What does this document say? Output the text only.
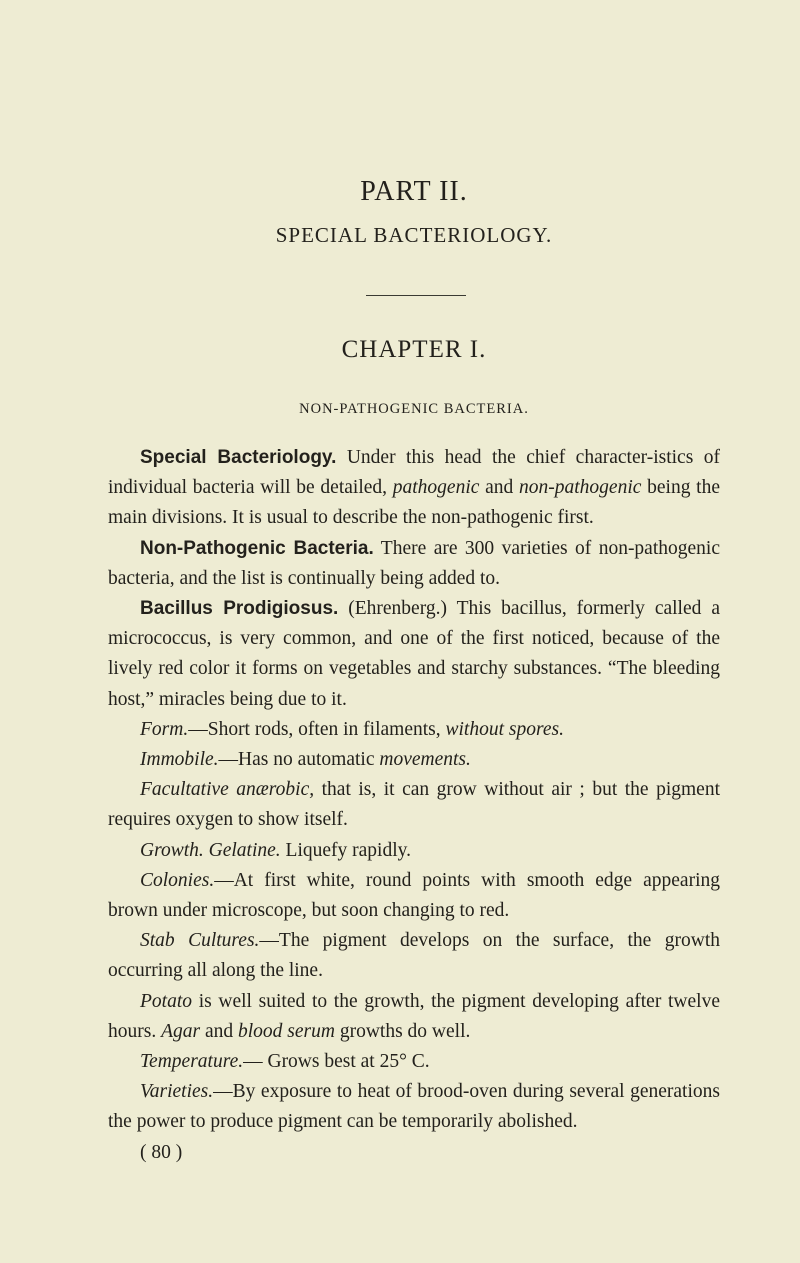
PART II.
SPECIAL BACTERIOLOGY.
CHAPTER I.
NON-PATHOGENIC BACTERIA.

Special Bacteriology. Under this head the chief character-istics of individual bacteria will be detailed, pathogenic and non-pathogenic being the main divisions. It is usual to describe the non-pathogenic first.

Non-Pathogenic Bacteria. There are 300 varieties of non-pathogenic bacteria, and the list is continually being added to.

Bacillus Prodigiosus. (Ehrenberg.) This bacillus, formerly called a micrococcus, is very common, and one of the first noticed, because of the lively red color it forms on vegetables and starchy substances. “The bleeding host,” miracles being due to it.

Form.—Short rods, often in filaments, without spores.

Immobile.—Has no automatic movements.

Facultative anærobic, that is, it can grow without air ; but the pigment requires oxygen to show itself.

Growth. Gelatine. Liquefy rapidly.

Colonies.—At first white, round points with smooth edge appearing brown under microscope, but soon changing to red.

Stab Cultures.—The pigment develops on the surface, the growth occurring all along the line.

Potato is well suited to the growth, the pigment developing after twelve hours. Agar and blood serum growths do well.

Temperature.— Grows best at 25° C.

Varieties.—By exposure to heat of brood-oven during several generations the power to produce pigment can be temporarily abolished.

( 80 )
